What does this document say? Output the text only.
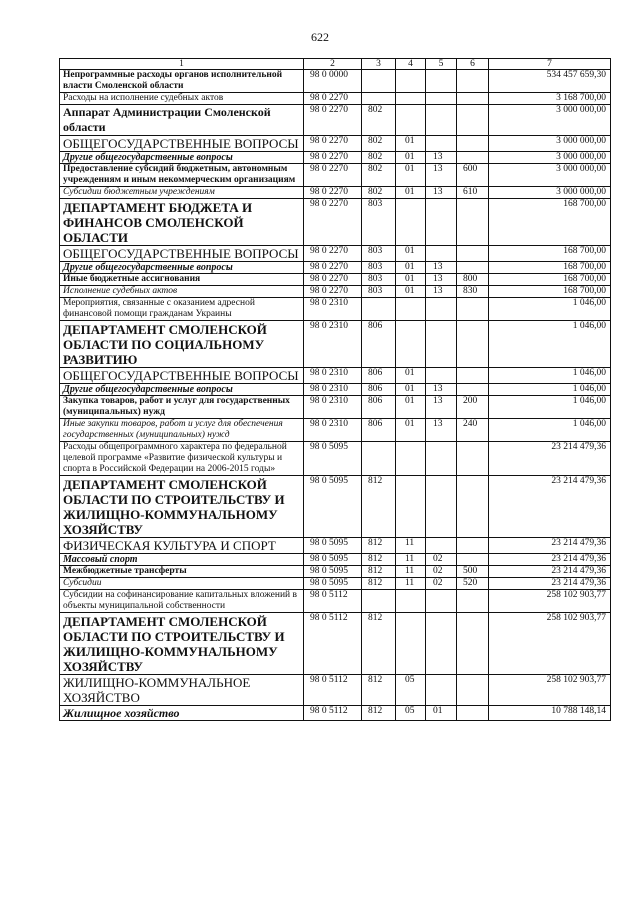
622
1	2	3	4	5	6	7
Непрограммные расходы органов исполнительной власти Смоленской области	98 0 0000					534 457 659,30
Расходы на исполнение судебных актов	98 0 2270					3 168 700,00
Аппарат Администрации Смоленской области	98 0 2270	802				3 000 000,00
ОБЩЕГОСУДАРСТВЕННЫЕ ВОПРОСЫ	98 0 2270	802	01			3 000 000,00
Другие общегосударственные вопросы	98 0 2270	802	01	13		3 000 000,00
Предоставление субсидий бюджетным, автономным учреждениям и иным некоммерческим организациям	98 0 2270	802	01	13	600	3 000 000,00
Субсидии бюджетным учреждениям	98 0 2270	802	01	13	610	3 000 000,00
ДЕПАРТАМЕНТ БЮДЖЕТА И ФИНАНСОВ СМОЛЕНСКОЙ ОБЛАСТИ	98 0 2270	803				168 700,00
ОБЩЕГОСУДАРСТВЕННЫЕ ВОПРОСЫ	98 0 2270	803	01			168 700,00
Другие общегосударственные вопросы	98 0 2270	803	01	13		168 700,00
Иные бюджетные ассигнования	98 0 2270	803	01	13	800	168 700,00
Исполнение судебных актов	98 0 2270	803	01	13	830	168 700,00
Мероприятия, связанные с оказанием адресной финансовой помощи гражданам Украины	98 0 2310					1 046,00
ДЕПАРТАМЕНТ СМОЛЕНСКОЙ ОБЛАСТИ ПО СОЦИАЛЬНОМУ РАЗВИТИЮ	98 0 2310	806				1 046,00
ОБЩЕГОСУДАРСТВЕННЫЕ ВОПРОСЫ	98 0 2310	806	01			1 046,00
Другие общегосударственные вопросы	98 0 2310	806	01	13		1 046,00
Закупка товаров, работ и услуг для государственных (муниципальных) нужд	98 0 2310	806	01	13	200	1 046,00
Иные закупки товаров, работ и услуг для обеспечения государственных (муниципальных) нужд	98 0 2310	806	01	13	240	1 046,00
Расходы общепрограммного характера по федеральной целевой программе «Развитие физической культуры и спорта в Российской Федерации на 2006-2015 годы»	98 0 5095					23 214 479,36
ДЕПАРТАМЕНТ СМОЛЕНСКОЙ ОБЛАСТИ ПО СТРОИТЕЛЬСТВУ И ЖИЛИЩНО-КОММУНАЛЬНОМУ ХОЗЯЙСТВУ	98 0 5095	812				23 214 479,36
ФИЗИЧЕСКАЯ КУЛЬТУРА И СПОРТ	98 0 5095	812	11			23 214 479,36
Массовый спорт	98 0 5095	812	11	02		23 214 479,36
Межбюджетные трансферты	98 0 5095	812	11	02	500	23 214 479,36
Субсидии	98 0 5095	812	11	02	520	23 214 479,36
Субсидии на софинансирование капитальных вложений в объекты муниципальной собственности	98 0 5112					258 102 903,77
ДЕПАРТАМЕНТ СМОЛЕНСКОЙ ОБЛАСТИ ПО СТРОИТЕЛЬСТВУ И ЖИЛИЩНО-КОММУНАЛЬНОМУ ХОЗЯЙСТВУ	98 0 5112	812				258 102 903,77
ЖИЛИЩНО-КОММУНАЛЬНОЕ ХОЗЯЙСТВО	98 0 5112	812	05			258 102 903,77
Жилищное хозяйство	98 0 5112	812	05	01		10 788 148,14
